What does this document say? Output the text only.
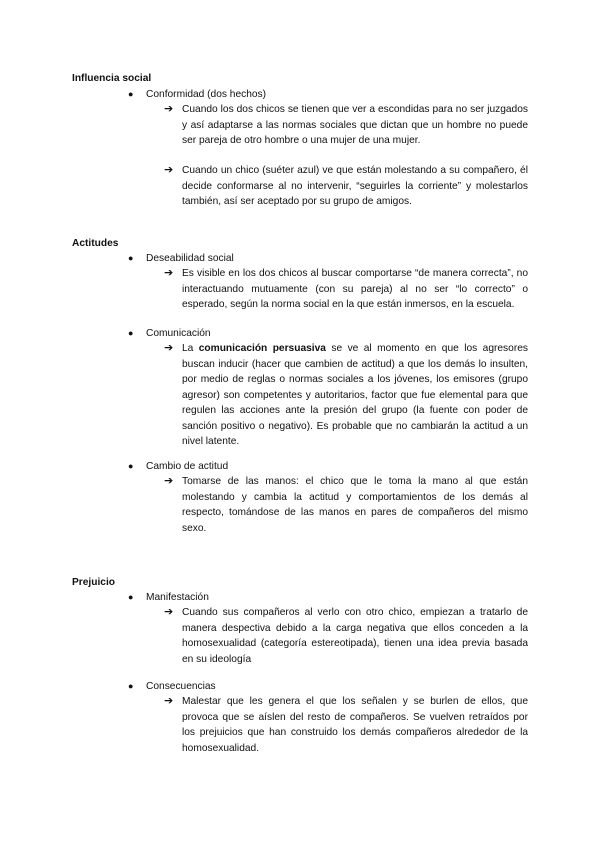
Influencia social
● Conformidad (dos hechos)
➔ Cuando los dos chicos se tienen que ver a escondidas para no ser juzgados y así adaptarse a las normas sociales que dictan que un hombre no puede ser pareja de otro hombre o una mujer de una mujer.
➔ Cuando un chico (suéter azul) ve que están molestando a su compañero, él decide conformarse al no intervenir, “seguirles la corriente” y molestarlos también, así ser aceptado por su grupo de amigos.
Actitudes
● Deseabilidad social
➔ Es visible en los dos chicos al buscar comportarse “de manera correcta”, no interactuando mutuamente (con su pareja) al no ser “lo correcto” o esperado, según la norma social en la que están inmersos, en la escuela.
● Comunicación
➔ La comunicación persuasiva se ve al momento en que los agresores buscan inducir (hacer que cambien de actitud) a que los demás lo insulten, por medio de reglas o normas sociales a los jóvenes, los emisores (grupo agresor) son competentes y autoritarios, factor que fue elemental para que regulen las acciones ante la presión del grupo (la fuente con poder de sanción positivo o negativo). Es probable que no cambiarán la actitud a un nivel latente.
● Cambio de actitud
➔ Tomarse de las manos: el chico que le toma la mano al que están molestando y cambia la actitud y comportamientos de los demás al respecto, tomándose de las manos en pares de compañeros del mismo sexo.
Prejuicio
● Manifestación
➔ Cuando sus compañeros al verlo con otro chico, empiezan a tratarlo de manera despectiva debido a la carga negativa que ellos conceden a la homosexualidad (categoría estereotipada), tienen una idea previa basada en su ideología
● Consecuencias
➔ Malestar que les genera el que los señalen y se burlen de ellos, que provoca que se aíslen del resto de compañeros. Se vuelven retraídos por los prejuicios que han construido los demás compañeros alrededor de la homosexualidad.
